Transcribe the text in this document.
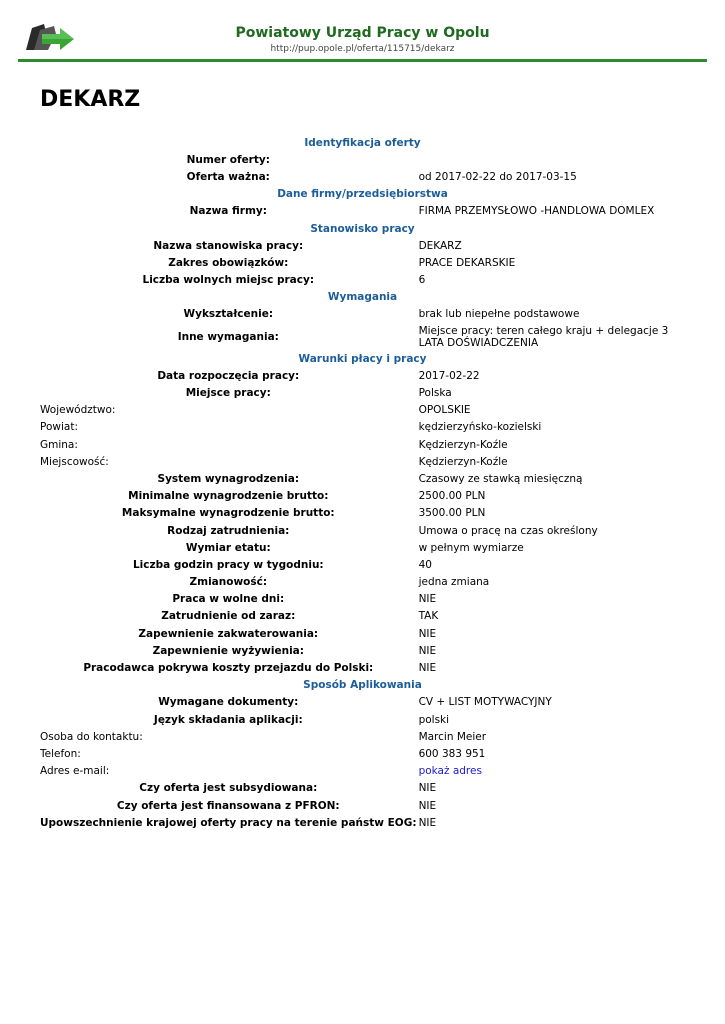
Powiatowy Urząd Pracy w Opolu
http://pup.opole.pl/oferta/115715/dekarz
DEKARZ
Identyfikacja oferty	
Numer oferty:	
Oferta ważna:	od 2017-02-22 do 2017-03-15
Dane firmy/przedsiębiorstwa	
Nazwa firmy:	FIRMA PRZEMYSŁOWO -HANDLOWA DOMLEX
Stanowisko pracy	
Nazwa stanowiska pracy:	DEKARZ
Zakres obowiązków:	PRACE DEKARSKIE
Liczba wolnych miejsc pracy:	6
Wymagania	
Wykształcenie:	brak lub niepełne podstawowe
Inne wymagania:	Miejsce pracy: teren całego kraju + delegacje 3 LATA DOŚWIADCZENIA
Warunki płacy i pracy	
Data rozpoczęcia pracy:	2017-02-22
Miejsce pracy:	Polska
Województwo:	OPOLSKIE
Powiat:	kędzierzyńsko-kozielski
Gmina:	Kędzierzyn-Koźle
Miejscowość:	Kędzierzyn-Koźle
System wynagrodzenia:	Czasowy ze stawką miesięczną
Minimalne wynagrodzenie brutto:	2500.00 PLN
Maksymalne wynagrodzenie brutto:	3500.00 PLN
Rodzaj zatrudnienia:	Umowa o pracę na czas określony
Wymiar etatu:	w pełnym wymiarze
Liczba godzin pracy w tygodniu:	40
Zmianowość:	jedna zmiana
Praca w wolne dni:	NIE
Zatrudnienie od zaraz:	TAK
Zapewnienie zakwaterowania:	NIE
Zapewnienie wyżywienia:	NIE
Pracodawca pokrywa koszty przejazdu do Polski:	NIE
Sposób Aplikowania	
Wymagane dokumenty:	CV + LIST MOTYWACYJNY
Język składania aplikacji:	polski
Osoba do kontaktu:	Marcin Meier
Telefon:	600 383 951
Adres e-mail:	pokaż adres
Czy oferta jest subsydiowana:	NIE
Czy oferta jest finansowana z PFRON:	NIE
Upowszechnienie krajowej oferty pracy na terenie państw EOG:	NIE
